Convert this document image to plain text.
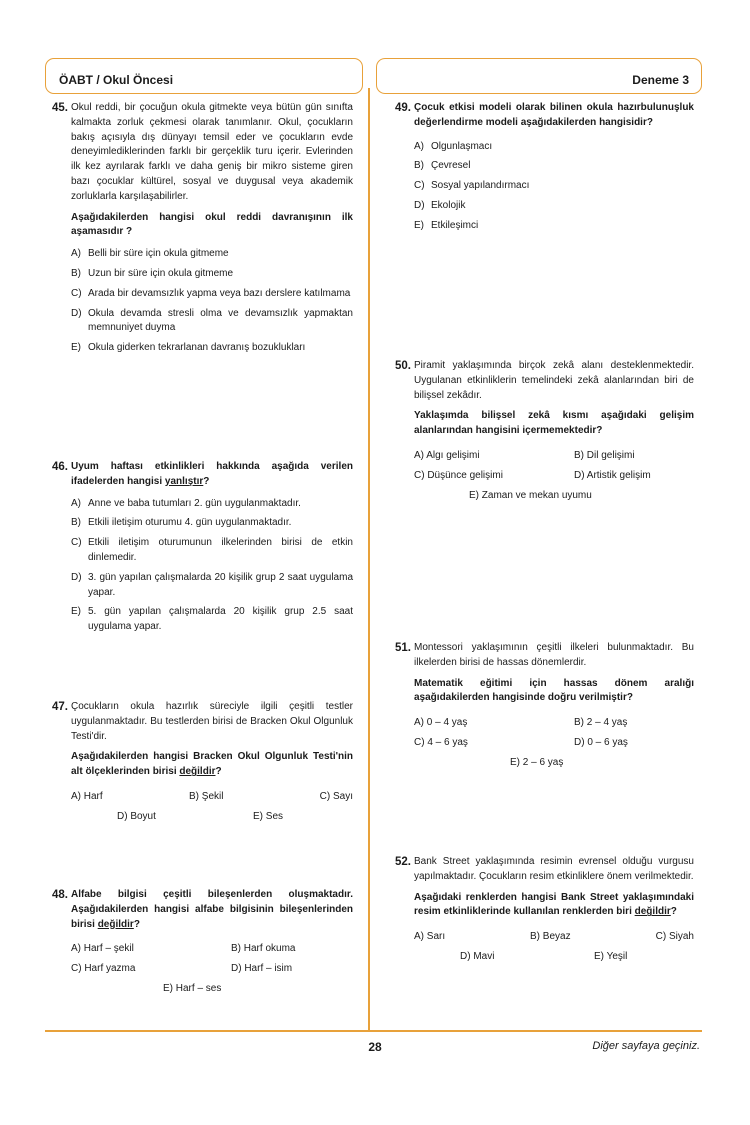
ÖABT / Okul Öncesi	Deneme 3
45. Okul reddi, bir çocuğun okula gitmekte veya bütün gün sınıfta kalmakta zorluk çekmesi olarak tanımlanır. Okul, çocukların bakış açısıyla dış dünyayı temsil eder ve çocukların evde deneyimlediklerinden farklı bir gerçeklik turu içerir. Evlerinden ilk kez ayrılarak farklı ve daha geniş bir mikro sisteme giren bazı çocuklar kültürel, sosyal ve duygusal veya akademik zorluklarla karşılaşabilirler.
Aşağıdakilerden hangisi okul reddi davranışının ilk aşamasıdır ?
A) Belli bir süre için okula gitmeme
B) Uzun bir süre için okula gitmeme
C) Arada bir devamsızlık yapma veya bazı derslere katılmama
D) Okula devamda stresli olma ve devamsızlık yapmaktan memnuniyet duyma
E) Okula giderken tekrarlanan davranış bozuklukları
46. Uyum haftası etkinlikleri hakkında aşağıda verilen ifadelerden hangisi yanlıştır?
A) Anne ve baba tutumları 2. gün uygulanmaktadır.
B) Etkili iletişim oturumu 4. gün uygulanmaktadır.
C) Etkili iletişim oturumunun ilkelerinden birisi de etkin dinlemedir.
D) 3. gün yapılan çalışmalarda 20 kişilik grup 2 saat uygulama yapar.
E) 5. gün yapılan çalışmalarda 20 kişilik grup 2.5 saat uygulama yapar.
47. Çocukların okula hazırlık süreciyle ilgili çeşitli testler uygulanmaktadır. Bu testlerden birisi de Bracken Okul Olgunluk Testi'dir.
Aşağıdakilerden hangisi Bracken Okul Olgunluk Testi'nin alt ölçeklerinden birisi değildir?
A) Harf	B) Şekil	C) Sayı
D) Boyut	E) Ses
48. Alfabe bilgisi çeşitli bileşenlerden oluşmaktadır. Aşağıdakilerden hangisi alfabe bilgisinin bileşenlerinden birisi değildir?
A) Harf – şekil	B) Harf okuma
C) Harf yazma	D) Harf – isim
E) Harf – ses
49. Çocuk etkisi modeli olarak bilinen okula hazırbulunuşluk değerlendirme modeli aşağıdakilerden hangisidir?
A) Olgunlaşmacı
B) Çevresel
C) Sosyal yapılandırmacı
D) Ekolojik
E) Etkileşimci
50. Piramit yaklaşımında birçok zekâ alanı desteklenmektedir. Uygulanan etkinliklerin temelindeki zekâ alanlarından biri de bilişsel zekâdır.
Yaklaşımda bilişsel zekâ kısmı aşağıdaki gelişim alanlarından hangisini içermemektedir?
A) Algı gelişimi	B) Dil gelişimi
C) Düşünce gelişimi	D) Artistik gelişim
E) Zaman ve mekan uyumu
51. Montessori yaklaşımının çeşitli ilkeleri bulunmaktadır. Bu ilkelerden birisi de hassas dönemlerdir.
Matematik eğitimi için hassas dönem aralığı aşağıdakilerden hangisinde doğru verilmiştir?
A) 0 – 4 yaş	B) 2 – 4 yaş
C) 4 – 6 yaş	D) 0 – 6 yaş
E) 2 – 6 yaş
52. Bank Street yaklaşımında resimin evrensel olduğu vurgusu yapılmaktadır. Çocukların resim etkinliklere önem verilmektedir.
Aşağıdaki renklerden hangisi Bank Street yaklaşımındaki resim etkinliklerinde kullanılan renklerden biri değildir?
A) Sarı	B) Beyaz	C) Siyah
D) Mavi	E) Yeşil
28	Diğer sayfaya geçiniz.
